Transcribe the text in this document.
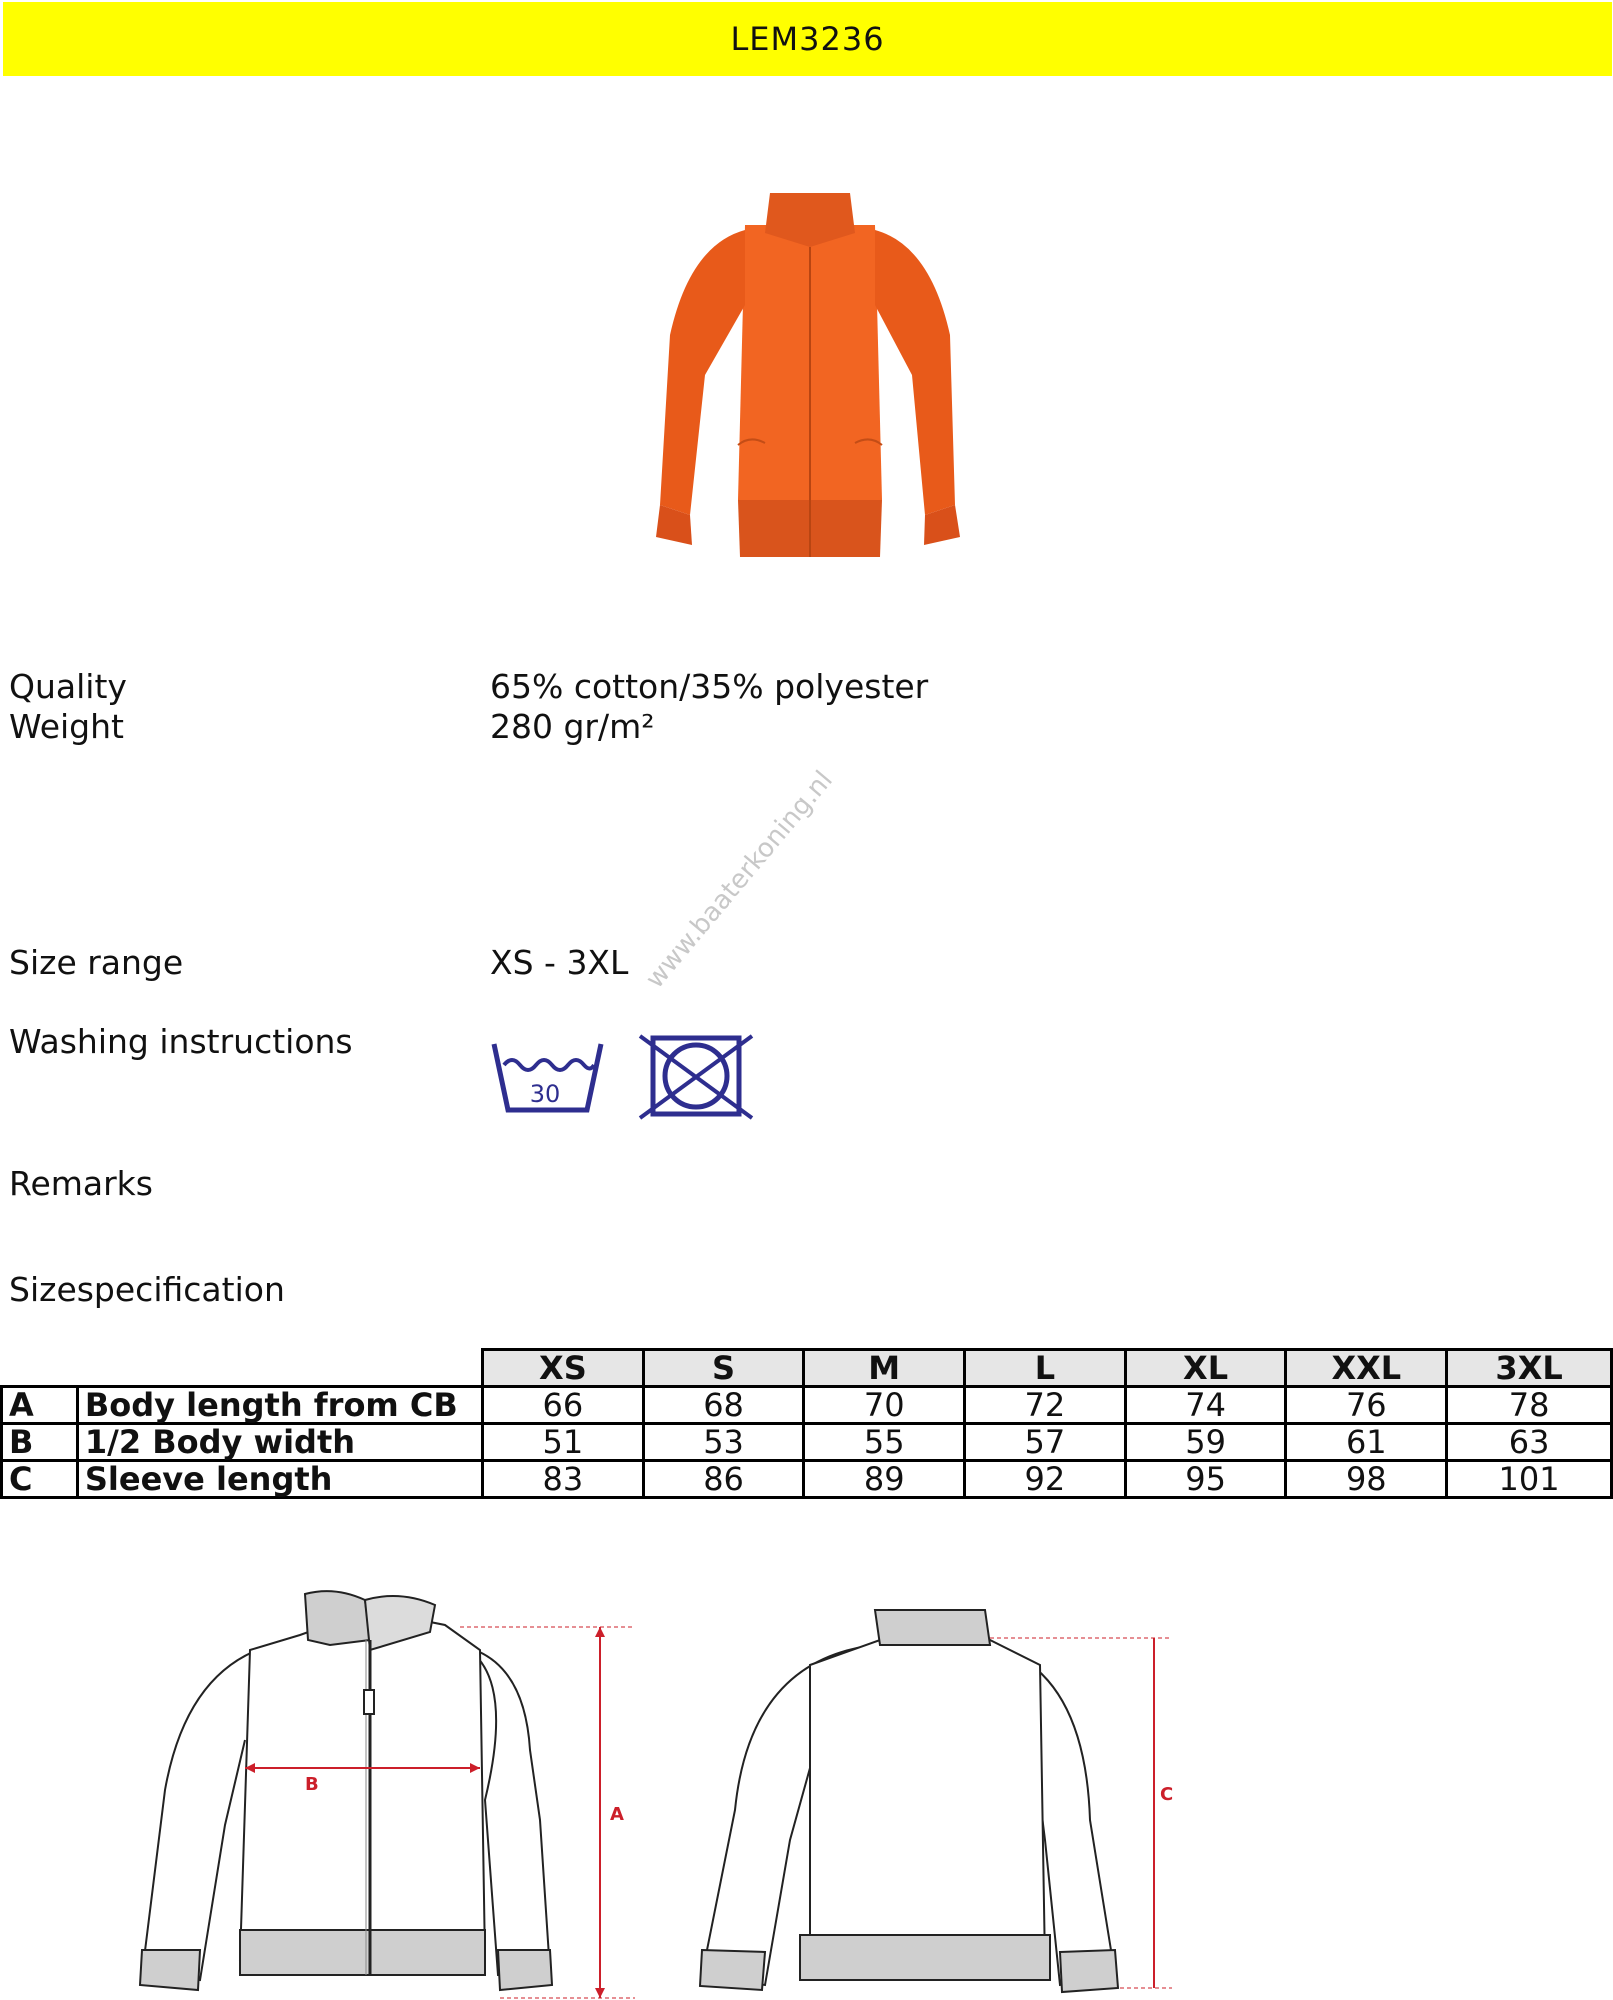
LEM3236
Quality	65% cotton/35% polyester
Weight	280 gr/m²
Size range	XS - 3XL
Washing instructions
30
www.baaterkoning.nl
Remarks
Sizespecification
		XS	S	M	L	XL	XXL	3XL
A	Body length from CB	66	68	70	72	74	76	78
B	1/2 Body width	51	53	55	57	59	61	63
C	Sleeve length	83	86	89	92	95	98	101
B
A
C
